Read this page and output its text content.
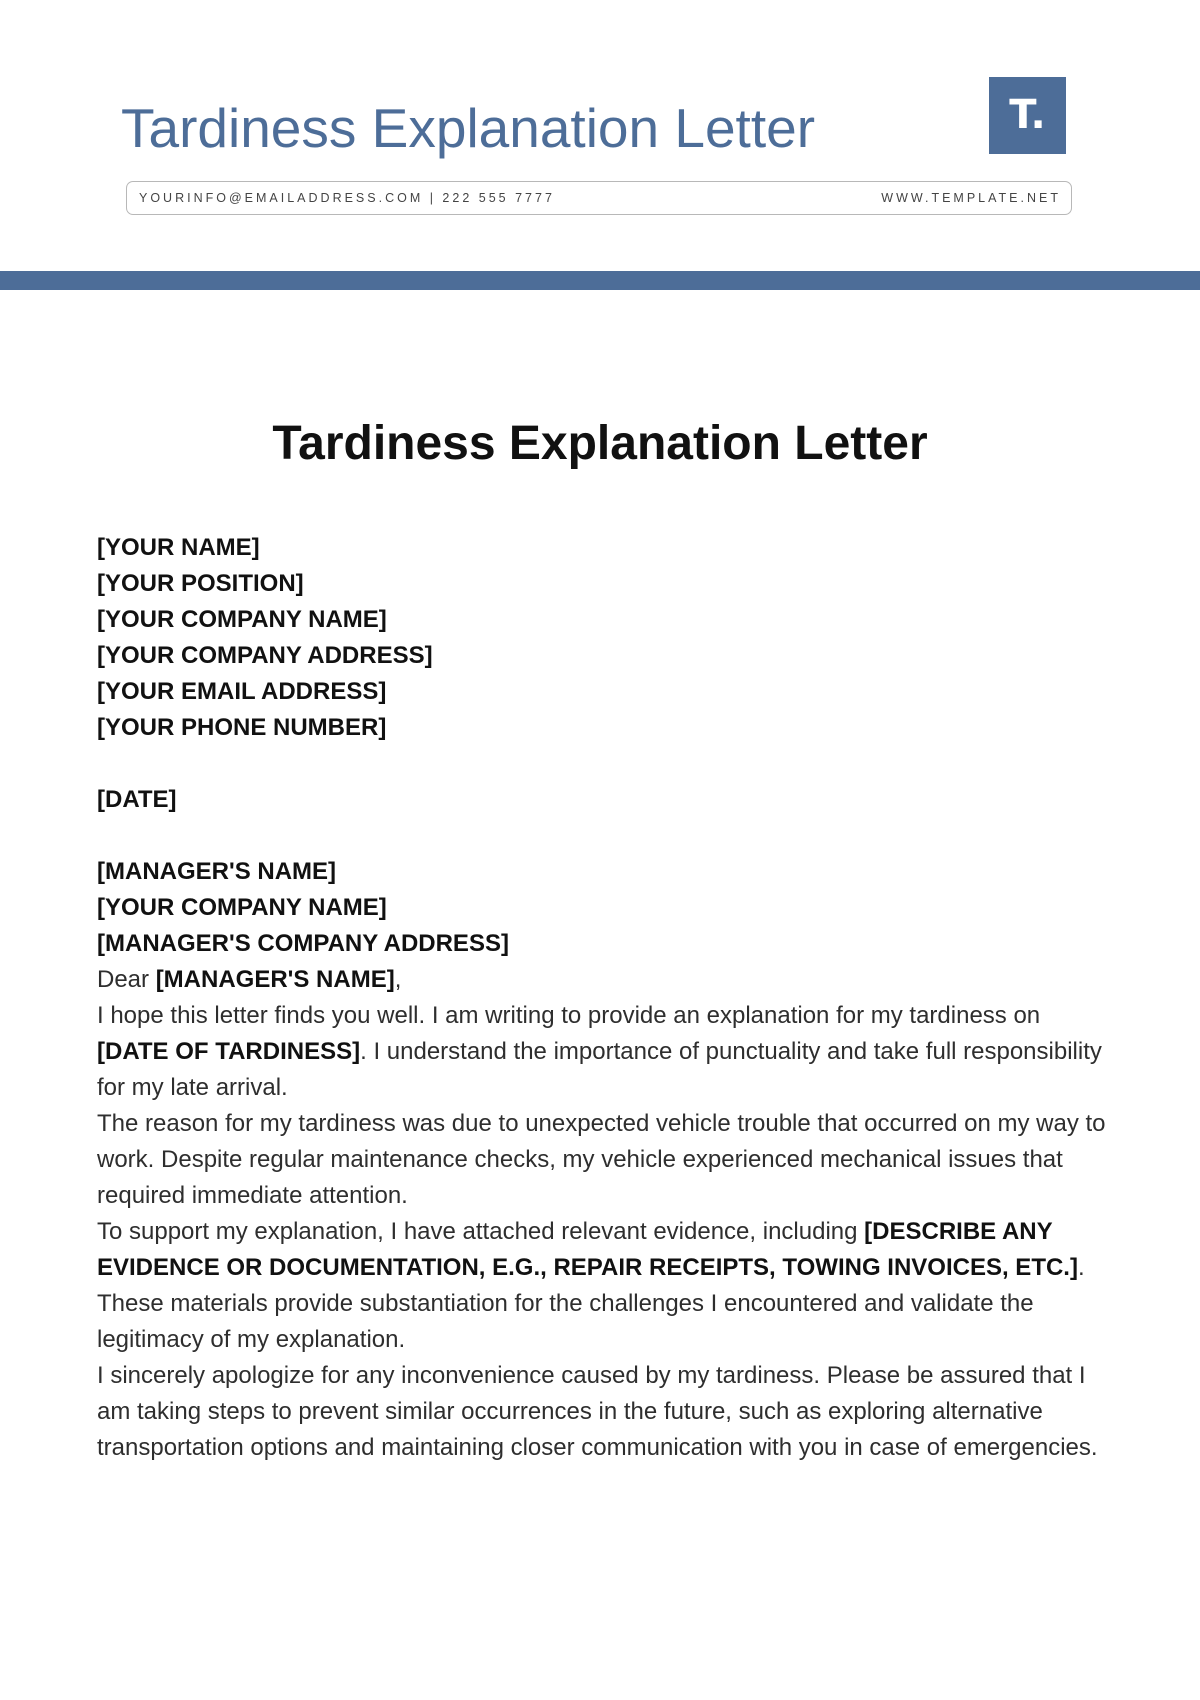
Tardiness Explanation Letter	T.
YOURINFO@EMAILADDRESS.COM | 222 555 7777	WWW.TEMPLATE.NET
Tardiness Explanation Letter
[YOUR NAME]
[YOUR POSITION]
[YOUR COMPANY NAME]
[YOUR COMPANY ADDRESS]
[YOUR EMAIL ADDRESS]
[YOUR PHONE NUMBER]
[DATE]
[MANAGER'S NAME]
[YOUR COMPANY NAME]
[MANAGER'S COMPANY ADDRESS]

Dear [MANAGER'S NAME],

I hope this letter finds you well. I am writing to provide an explanation for my tardiness on [DATE OF TARDINESS]. I understand the importance of punctuality and take full responsibility for my late arrival.

The reason for my tardiness was due to unexpected vehicle trouble that occurred on my way to work. Despite regular maintenance checks, my vehicle experienced mechanical issues that required immediate attention.

To support my explanation, I have attached relevant evidence, including [DESCRIBE ANY EVIDENCE OR DOCUMENTATION, E.G., REPAIR RECEIPTS, TOWING INVOICES, ETC.]. These materials provide substantiation for the challenges I encountered and validate the legitimacy of my explanation.

I sincerely apologize for any inconvenience caused by my tardiness. Please be assured that I am taking steps to prevent similar occurrences in the future, such as exploring alternative transportation options and maintaining closer communication with you in case of emergencies.
